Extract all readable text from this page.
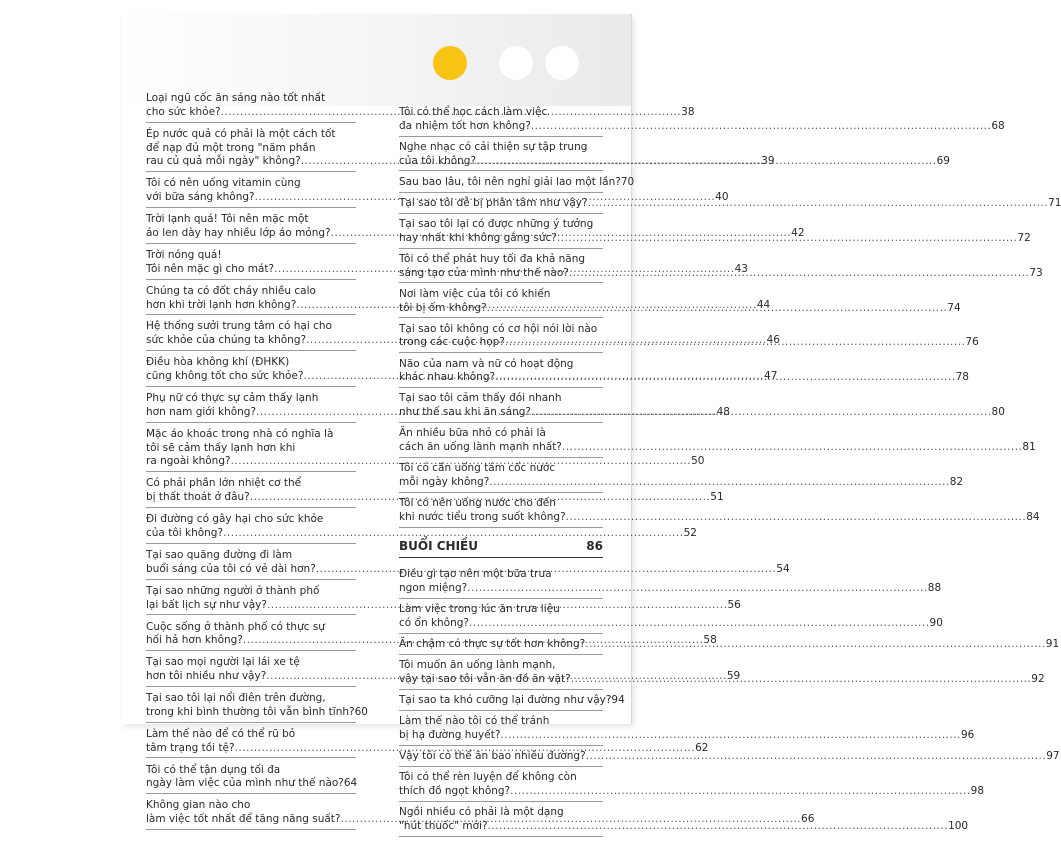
Loại ngũ cốc ăn sáng nào tốt nhất
cho sức khỏe? .....	38
Ép nước quả có phải là một cách tốt
để nạp đủ một trong "năm phần
rau củ quả mỗi ngày" không? .....	39
Tôi có nên uống vitamin cùng
với bữa sáng không? .....	40
Trời lạnh quá! Tôi nên mặc một
áo len dày hay nhiều lớp áo mỏng? .....	42
Trời nóng quá!
Tôi nên mặc gì cho mát? .....	43
Chúng ta có đốt cháy nhiều calo
hơn khi trời lạnh hơn không? .....	44
Hệ thống sưởi trung tâm có hại cho
sức khỏe của chúng ta không? .....	46
Điều hòa không khí (ĐHKK)
cũng không tốt cho sức khỏe? .....	47
Phụ nữ có thực sự cảm thấy lạnh
hơn nam giới không? .....	48
Mặc áo khoác trong nhà có nghĩa là
tôi sẽ cảm thấy lạnh hơn khi
ra ngoài không? .....	50
Có phải phần lớn nhiệt cơ thể
bị thất thoát ở đâu? .....	51
Đi đường có gây hại cho sức khỏe
của tôi không? .....	52
Tại sao quãng đường đi làm
buổi sáng của tôi có vẻ dài hơn? .....	54
Tại sao những người ở thành phố
lại bất lịch sự như vậy? .....	56
Cuộc sống ở thành phố có thực sự
hối hả hơn không? .....	58
Tại sao mọi người lại lái xe tệ
hơn tôi nhiều như vậy? .....	59
Tại sao tôi lại nổi điên trên đường,
trong khi bình thường tôi vẫn bình tĩnh? 60
Làm thế nào để có thể rũ bỏ
tâm trạng tồi tệ? .....	62
Tôi có thể tận dụng tối đa
ngày làm việc của mình như thế nào? 64
Không gian nào cho
làm việc tốt nhất để tăng năng suất? .....	66
Tôi có thể học cách làm việc
đa nhiệm tốt hơn không? .....	68
Nghe nhạc có cải thiện sự tập trung
của tôi không? .....	69
Sau bao lâu, tôi nên nghỉ giải lao một lần? 70
Tại sao tôi dễ bị phân tâm như vậy? .....	71
Tại sao tôi lại có được những ý tưởng
hay nhất khi không gắng sức? .....	72
Tôi có thể phát huy tối đa khả năng
sáng tạo của mình như thế nào? .....	73
Nơi làm việc của tôi có khiến
tôi bị ốm không? .....	74
Tại sao tôi không có cơ hội nói lời nào
trong các cuộc họp? .....	76
Não của nam và nữ có hoạt động
khác nhau không? .....	78
Tại sao tôi cảm thấy đói nhanh
như thế sau khi ăn sáng? .....	80
Ăn nhiều bữa nhỏ có phải là
cách ăn uống lành mạnh nhất? .....	81
Tôi có cần uống tám cốc nước
mỗi ngày không? .....	82
Tôi có nên uống nước cho đến
khi nước tiểu trong suốt không? .....	84
BUỔI CHIỀU	86
Điều gì tạo nên một bữa trưa
ngon miệng? .....	88
Làm việc trong lúc ăn trưa liệu
có ổn không? .....	90
Ăn chậm có thực sự tốt hơn không? .....	91
Tôi muốn ăn uống lành mạnh,
vậy tại sao tôi vẫn ăn đồ ăn vặt? .....	92
Tại sao ta khó cưỡng lại đường như vậy? 94
Làm thế nào tôi có thể tránh
bị hạ đường huyết? .....	96
Vậy tôi có thể ăn bao nhiêu đường? .....	97
Tôi có thể rèn luyện để không còn
thích đồ ngọt không? .....	98
Ngồi nhiều có phải là một dạng
"hút thuốc" mới? .....	100
